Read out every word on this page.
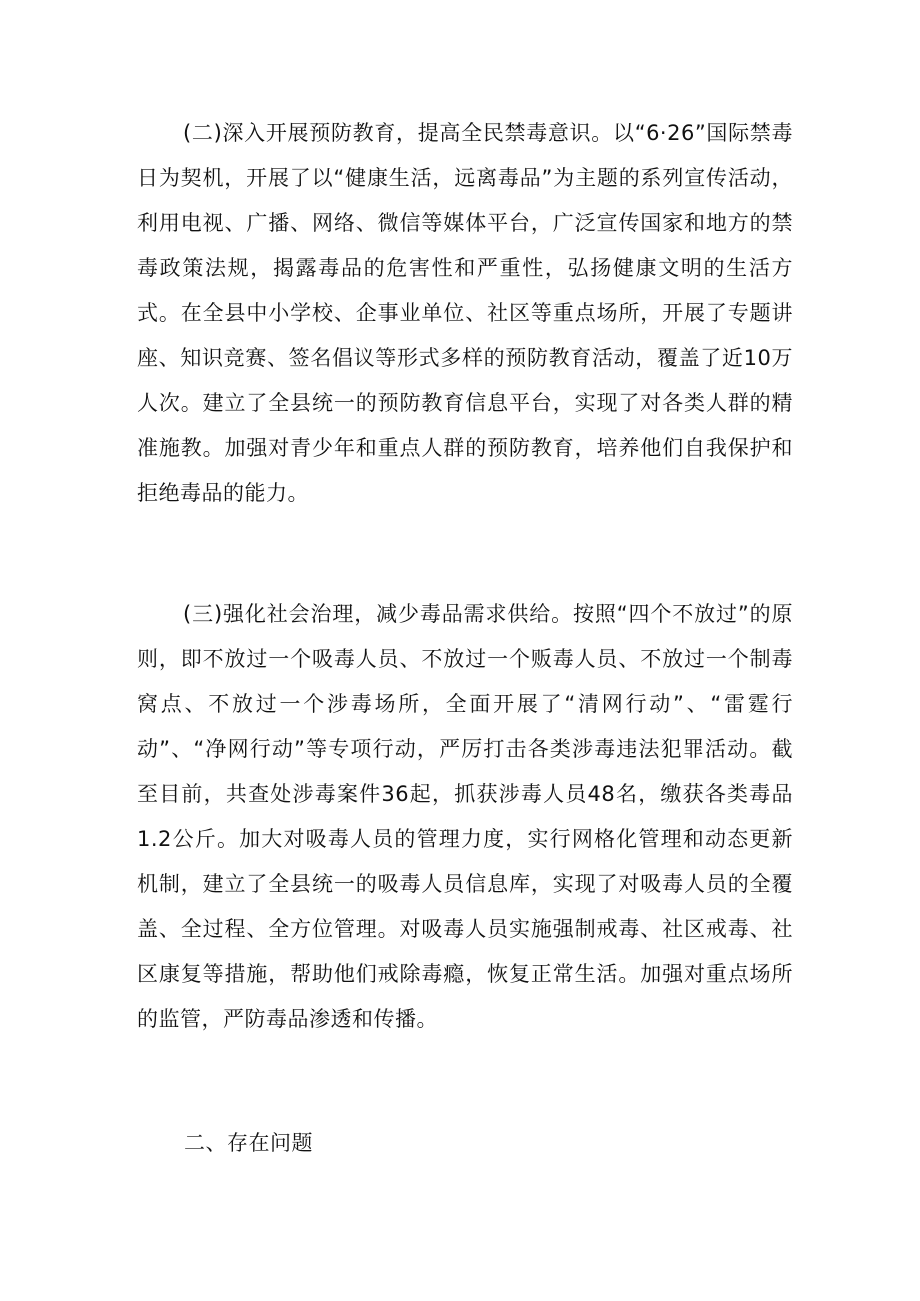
(二)深入开展预防教育，提高全民禁毒意识。以“6·26”国际禁毒日为契机，开展了以“健康生活，远离毒品”为主题的系列宣传活动，利用电视、广播、网络、微信等媒体平台，广泛宣传国家和地方的禁毒政策法规，揭露毒品的危害性和严重性，弘扬健康文明的生活方式。在全县中小学校、企事业单位、社区等重点场所，开展了专题讲座、知识竞赛、签名倡议等形式多样的预防教育活动，覆盖了近10万人次。建立了全县统一的预防教育信息平台，实现了对各类人群的精准施教。加强对青少年和重点人群的预防教育，培养他们自我保护和拒绝毒品的能力。

(三)强化社会治理，减少毒品需求供给。按照“四个不放过”的原则，即不放过一个吸毒人员、不放过一个贩毒人员、不放过一个制毒窝点、不放过一个涉毒场所，全面开展了“清网行动”、“雷霆行动”、“净网行动”等专项行动，严厉打击各类涉毒违法犯罪活动。截至目前，共查处涉毒案件36起，抓获涉毒人员48名，缴获各类毒品1.2公斤。加大对吸毒人员的管理力度，实行网格化管理和动态更新机制，建立了全县统一的吸毒人员信息库，实现了对吸毒人员的全覆盖、全过程、全方位管理。对吸毒人员实施强制戒毒、社区戒毒、社区康复等措施，帮助他们戒除毒瘾，恢复正常生活。加强对重点场所的监管，严防毒品渗透和传播。

二、存在问题
